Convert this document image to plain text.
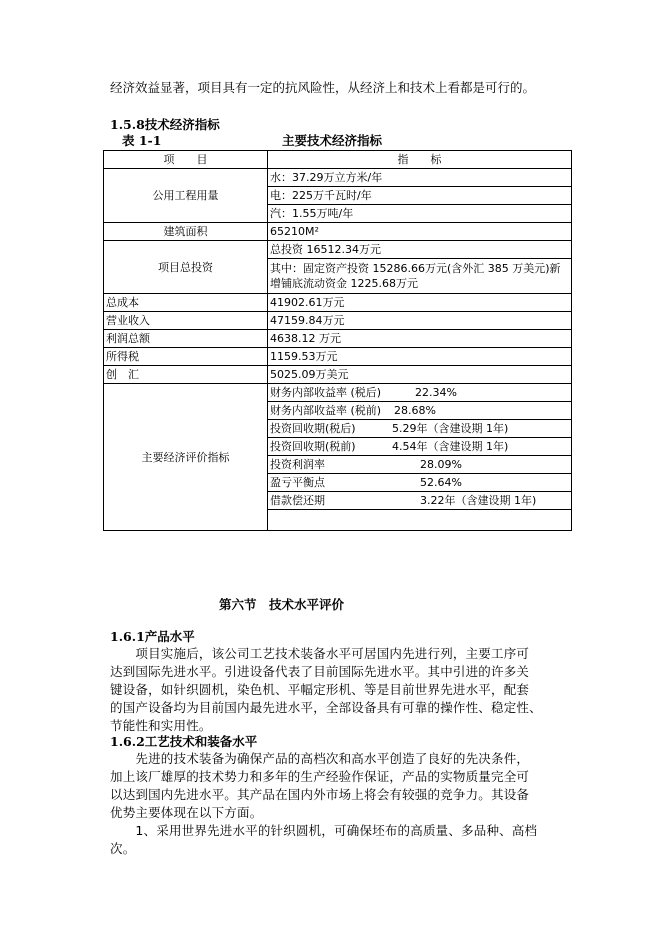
经济效益显著，项目具有一定的抗风险性，从经济上和技术上看都是可行的。
1.5.8技术经济指标
表 1-1	主要技术经济指标
项　　目	指　　标
公用工程用量	水：37.29万立方米/年
	电：225万千瓦时/年
	汽：1.55万吨/年
建筑面积	65210M²
项目总投资	总投资 16512.34万元
	其中：固定资产投资 15286.66万元(含外汇 385 万美元)新增铺底流动资金 1225.68万元
总成本	41902.61万元
营业收入	47159.84万元
利润总额	4638.12 万元
所得税	1159.53万元
创　汇	5025.09万美元
主要经济评价指标	财务内部收益率 (税后) 22.34%
	财务内部收益率 (税前) 28.68%
	投资回收期(税后) 5.29年（含建设期 1年)
	投资回收期(税前) 4.54年（含建设期 1年)
	投资利润率 28.09%
	盈亏平衡点 52.64%
	借款偿还期 3.22年（含建设期 1年)

第六节　技术水平评价
1.6.1产品水平
　　项目实施后，该公司工艺技术装备水平可居国内先进行列，主要工序可
达到国际先进水平。引进设备代表了目前国际先进水平。其中引进的许多关
键设备，如针织圆机，染色机、平幅定形机、等是目前世界先进水平，配套
的国产设备均为目前国内最先进水平，全部设备具有可靠的操作性、稳定性、
节能性和实用性。
1.6.2工艺技术和装备水平
　　先进的技术装备为确保产品的高档次和高水平创造了良好的先决条件，
加上该厂雄厚的技术势力和多年的生产经验作保证，产品的实物质量完全可
以达到国内先进水平。其产品在国内外市场上将会有较强的竞争力。其设备
优势主要体现在以下方面。
　　1、采用世界先进水平的针织圆机，可确保坯布的高质量、多品种、高档
次。
